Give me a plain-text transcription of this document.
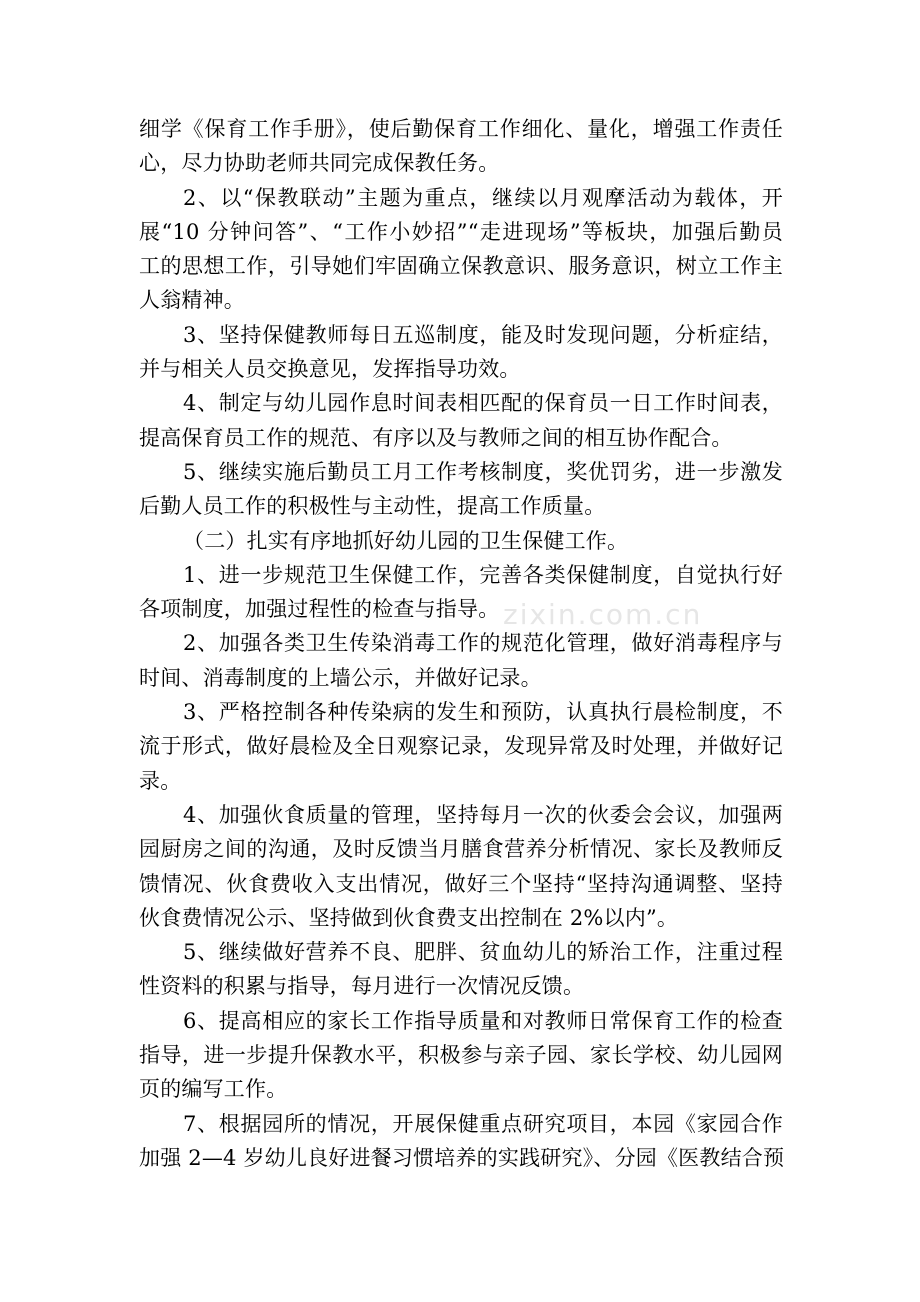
细学《保育工作手册》，使后勤保育工作细化、量化，增强工作责任
心，尽力协助老师共同完成保教任务。
2、以“保教联动”主题为重点，继续以月观摩活动为载体，开
展“10 分钟问答”、“工作小妙招”“走进现场”等板块，加强后勤员
工的思想工作，引导她们牢固确立保教意识、服务意识，树立工作主
人翁精神。
3、坚持保健教师每日五巡制度，能及时发现问题，分析症结，
并与相关人员交换意见，发挥指导功效。
4、制定与幼儿园作息时间表相匹配的保育员一日工作时间表，
提高保育员工作的规范、有序以及与教师之间的相互协作配合。
5、继续实施后勤员工月工作考核制度，奖优罚劣，进一步激发
后勤人员工作的积极性与主动性，提高工作质量。
（二）扎实有序地抓好幼儿园的卫生保健工作。
1、进一步规范卫生保健工作，完善各类保健制度，自觉执行好
各项制度，加强过程性的检查与指导。
2、加强各类卫生传染消毒工作的规范化管理，做好消毒程序与
时间、消毒制度的上墙公示，并做好记录。
3、严格控制各种传染病的发生和预防，认真执行晨检制度，不
流于形式，做好晨检及全日观察记录，发现异常及时处理，并做好记
录。
4、加强伙食质量的管理，坚持每月一次的伙委会会议，加强两
园厨房之间的沟通，及时反馈当月膳食营养分析情况、家长及教师反
馈情况、伙食费收入支出情况，做好三个坚持“坚持沟通调整、坚持
伙食费情况公示、坚持做到伙食费支出控制在 2%以内”。
5、继续做好营养不良、肥胖、贫血幼儿的矫治工作，注重过程
性资料的积累与指导，每月进行一次情况反馈。
6、提高相应的家长工作指导质量和对教师日常保育工作的检查
指导，进一步提升保教水平，积极参与亲子园、家长学校、幼儿园网
页的编写工作。
7、根据园所的情况，开展保健重点研究项目，本园《家园合作
加强 2—4 岁幼儿良好进餐习惯培养的实践研究》、分园《医教结合预
zixin.com.cn
